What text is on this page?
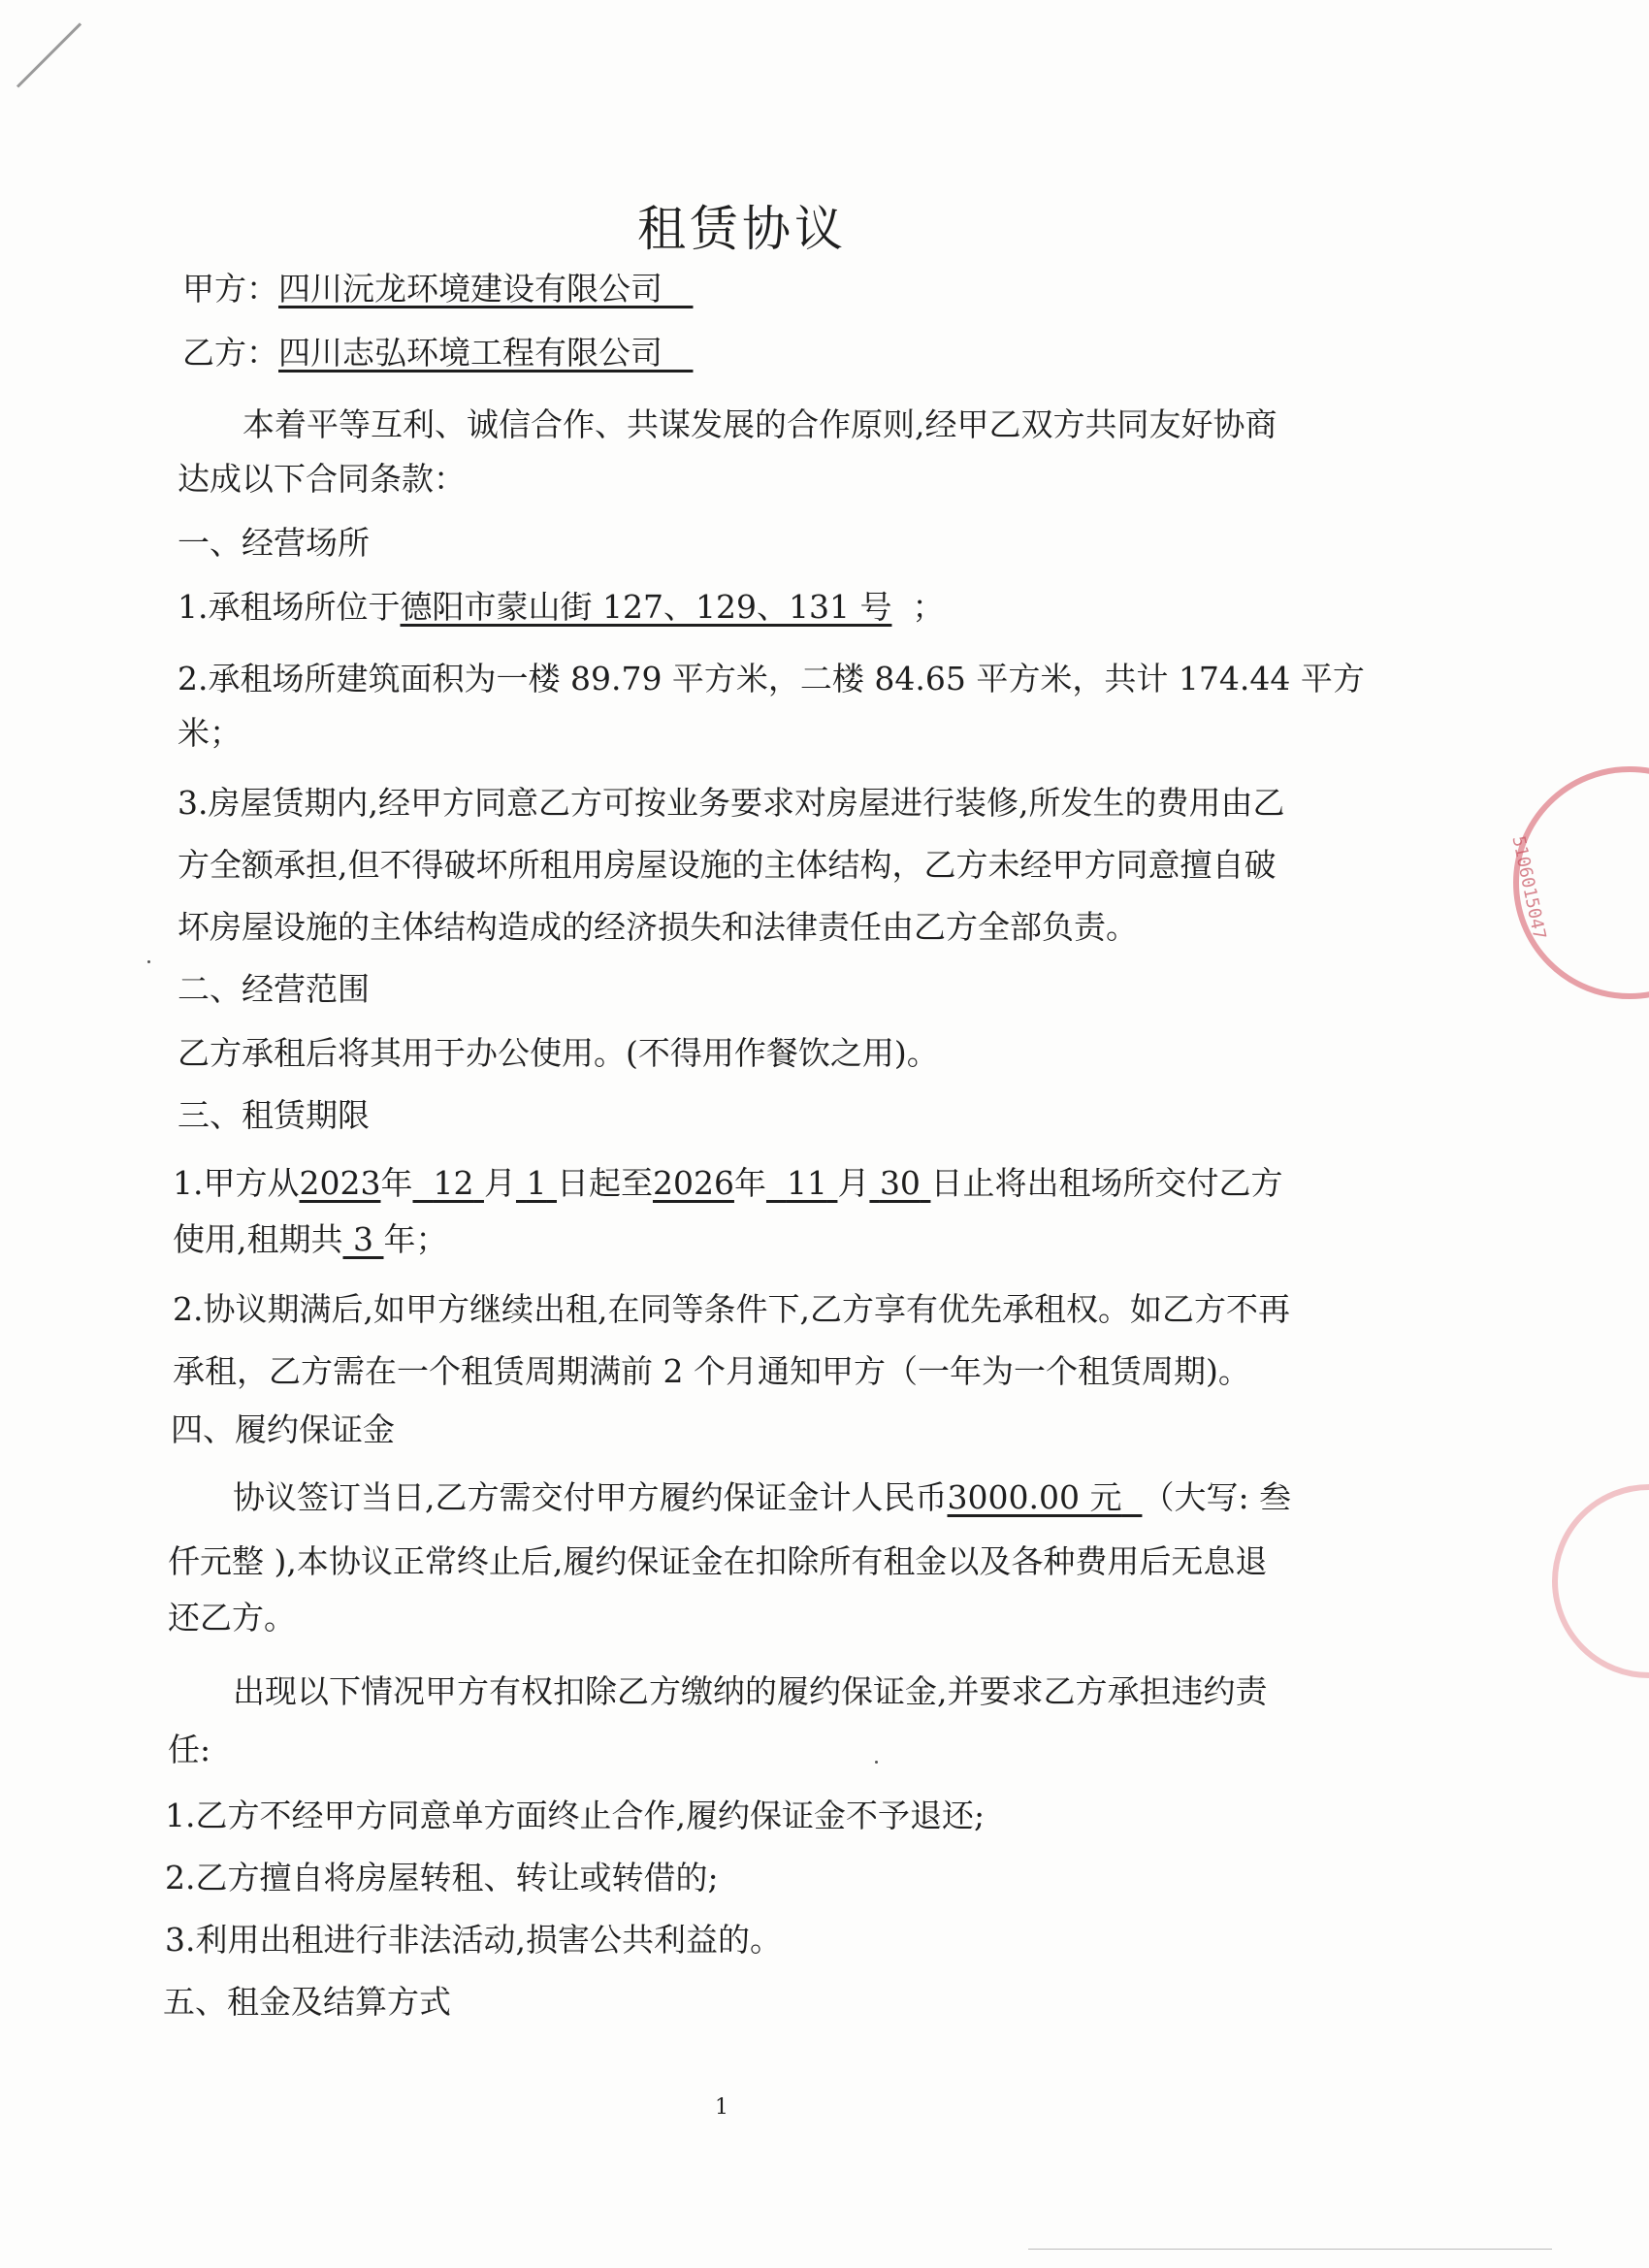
租赁协议
甲方：四川沅龙环境建设有限公司
乙方：四川志弘环境工程有限公司
本着平等互利、诚信合作、共谋发展的合作原则,经甲乙双方共同友好协商
达成以下合同条款：
一、经营场所
1.承租场所位于德阳市蒙山街 127、129、131 号 ；
2.承租场所建筑面积为一楼 89.79 平方米，二楼 84.65 平方米，共计 174.44 平方
米；
3.房屋赁期内,经甲方同意乙方可按业务要求对房屋进行装修,所发生的费用由乙
方全额承担,但不得破坏所租用房屋设施的主体结构，乙方未经甲方同意擅自破
坏房屋设施的主体结构造成的经济损失和法律责任由乙方全部负责。
二、经营范围
乙方承租后将其用于办公使用。(不得用作餐饮之用)。
三、租赁期限
1.甲方从2023年 12 月 1 日起至2026年 11 月 30 日止将出租场所交付乙方
使用,租期共 3 年；
2.协议期满后,如甲方继续出租,在同等条件下,乙方享有优先承租权。如乙方不再
承租，乙方需在一个租赁周期满前 2 个月通知甲方（一年为一个租赁周期)。
四、履约保证金
协议签订当日,乙方需交付甲方履约保证金计人民币3000.00 元 （大写: 叁
仟元整 ),本协议正常终止后,履约保证金在扣除所有租金以及各种费用后无息退
还乙方。
出现以下情况甲方有权扣除乙方缴纳的履约保证金,并要求乙方承担违约责
任:
1.乙方不经甲方同意单方面终止合作,履约保证金不予退还;
2.乙方擅自将房屋转租、转让或转借的;
3.利用出租进行非法活动,损害公共利益的。
五、租金及结算方式
1
5106015047
